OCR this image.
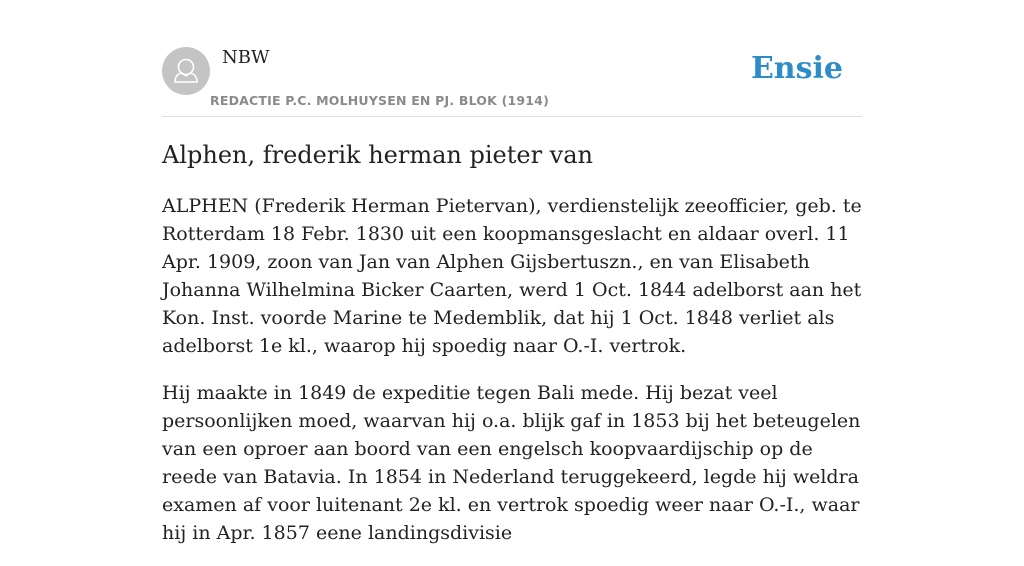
NBW
REDACTIE P.C. MOLHUYSEN EN PJ. BLOK (1914)
Ensie
Alphen, frederik herman pieter van

ALPHEN (Frederik Herman Pietervan), verdienstelijk zeeofficier, geb. te Rotterdam 18 Febr. 1830 uit een koopmansgeslacht en aldaar overl. 11 Apr. 1909, zoon van Jan van Alphen Gijsbertuszn., en van Elisabeth Johanna Wilhelmina Bicker Caarten, werd 1 Oct. 1844 adelborst aan het Kon. Inst. voorde Marine te Medemblik, dat hij 1 Oct. 1848 verliet als adelborst 1e kl., waarop hij spoedig naar O.-I. vertrok.

Hij maakte in 1849 de expeditie tegen Bali mede. Hij bezat veel persoonlijken moed, waarvan hij o.a. blijk gaf in 1853 bij het beteugelen van een oproer aan boord van een engelsch koopvaardijschip op de reede van Batavia. In 1854 in Nederland teruggekeerd, legde hij weldra examen af voor luitenant 2e kl. en vertrok spoedig weer naar O.-I., waar hij in Apr. 1857 eene landingsdivisie
